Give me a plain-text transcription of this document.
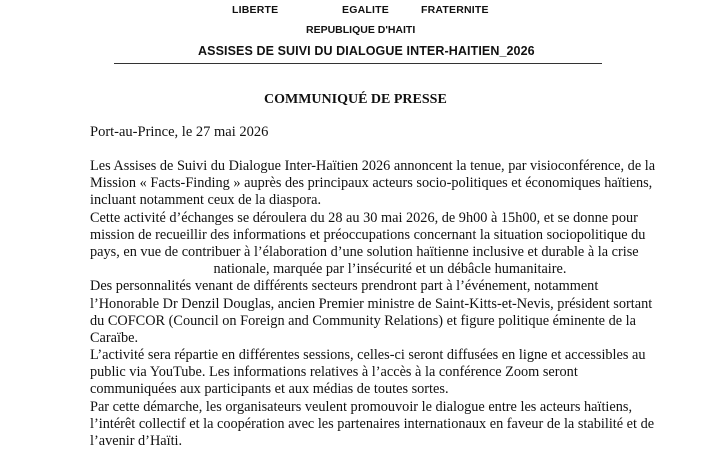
LIBERTE	EGALITE	FRATERNITE
REPUBLIQUE D'HAITI
ASSISES DE SUIVI DU DIALOGUE INTER-HAITIEN_2026
COMMUNIQUÉ DE PRESSE
Port-au-Prince, le 27 mai 2026
Les Assises de Suivi du Dialogue Inter-Haïtien 2026 annoncent la tenue, par visioconférence, de la
Mission « Facts-Finding » auprès des principaux acteurs socio-politiques et économiques haïtiens,
incluant notamment ceux de la diaspora.
Cette activité d’échanges se déroulera du 28 au 30 mai 2026, de 9h00 à 15h00, et se donne pour
mission de recueillir des informations et préoccupations concernant la situation sociopolitique du
pays, en vue de contribuer à l’élaboration d’une solution haïtienne inclusive et durable à la crise
nationale, marquée par l’insécurité et un débâcle humanitaire.
Des personnalités venant de différents secteurs prendront part à l’événement, notamment
l’Honorable Dr Denzil Douglas, ancien Premier ministre de Saint-Kitts-et-Nevis, président sortant
du COFCOR (Council on Foreign and Community Relations) et figure politique éminente de la
Caraïbe.
L’activité sera répartie en différentes sessions, celles-ci seront diffusées en ligne et accessibles au
public via YouTube. Les informations relatives à l’accès à la conférence Zoom seront
communiquées aux participants et aux médias de toutes sortes.
Par cette démarche, les organisateurs veulent promouvoir le dialogue entre les acteurs haïtiens,
l’intérêt collectif et la coopération avec les partenaires internationaux en faveur de la stabilité et de
l’avenir d’Haïti.
